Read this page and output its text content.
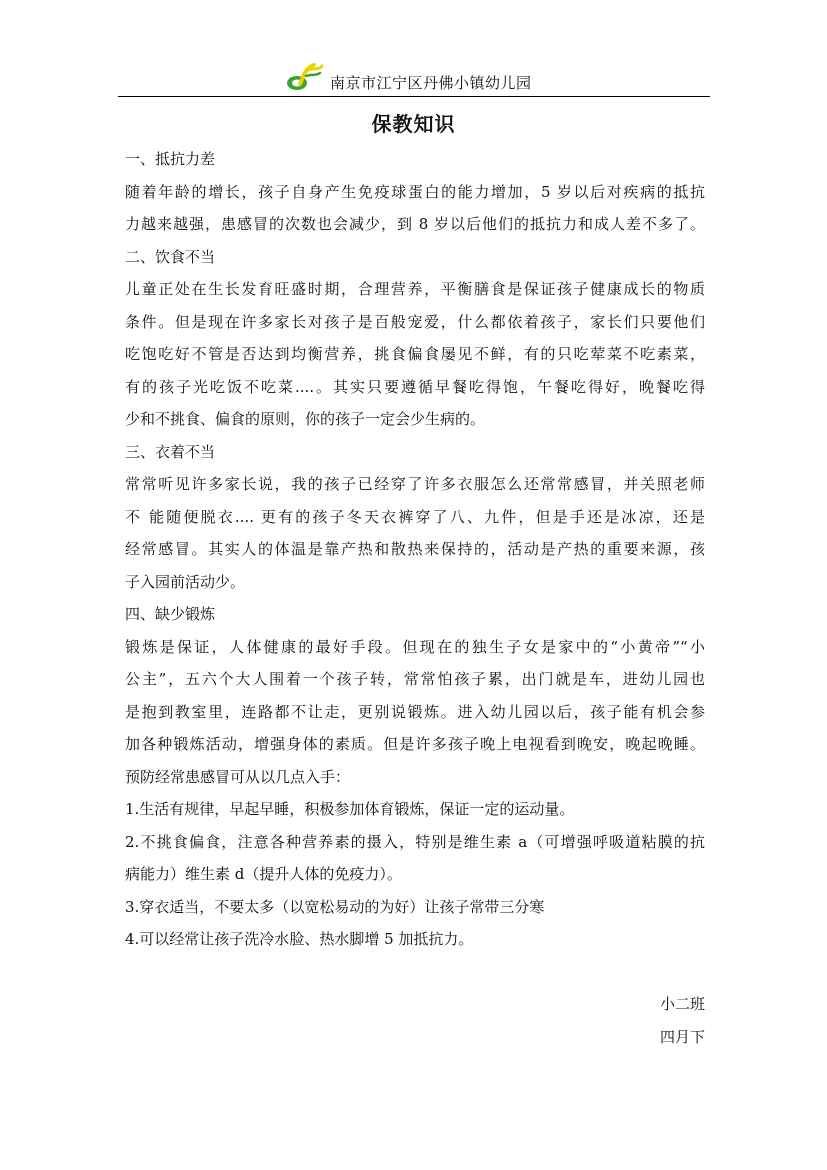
南京市江宁区丹佛小镇幼儿园
保教知识
一、抵抗力差
随着年龄的增长，孩子自身产生免疫球蛋白的能力增加，5 岁以后对疾病的抵抗
力越来越强，患感冒的次数也会减少，到 8 岁以后他们的抵抗力和成人差不多了。
二、饮食不当
儿童正处在生长发育旺盛时期，合理营养，平衡膳食是保证孩子健康成长的物质
条件。但是现在许多家长对孩子是百般宠爱，什么都依着孩子，家长们只要他们
吃饱吃好不管是否达到均衡营养，挑食偏食屡见不鲜，有的只吃荤菜不吃素菜，
有的孩子光吃饭不吃菜....。其实只要遵循早餐吃得饱，午餐吃得好，晚餐吃得
少和不挑食、偏食的原则，你的孩子一定会少生病的。
三、衣着不当
常常听见许多家长说，我的孩子已经穿了许多衣服怎么还常常感冒，并关照老师
不 能随便脱衣.... 更有的孩子冬天衣裤穿了八、九件，但是手还是冰凉，还是
经常感冒。其实人的体温是靠产热和散热来保持的，活动是产热的重要来源，孩
子入园前活动少。
四、缺少锻炼
锻炼是保证，人体健康的最好手段。但现在的独生子女是家中的“小黄帝”“小
公主”，五六个大人围着一个孩子转，常常怕孩子累，出门就是车，进幼儿园也
是抱到教室里，连路都不让走，更别说锻炼。进入幼儿园以后，孩子能有机会参
加各种锻炼活动，增强身体的素质。但是许多孩子晚上电视看到晚安，晚起晚睡。
预防经常患感冒可从以几点入手：
1.生活有规律，早起早睡，积极参加体育锻炼，保证一定的运动量。
2.不挑食偏食，注意各种营养素的摄入，特别是维生素 a（可增强呼吸道粘膜的抗
病能力）维生素 d（提升人体的免疫力）。
3.穿衣适当，不要太多（以宽松易动的为好）让孩子常带三分寒
4.可以经常让孩子洗冷水脸、热水脚增 5 加抵抗力。
小二班
四月下
